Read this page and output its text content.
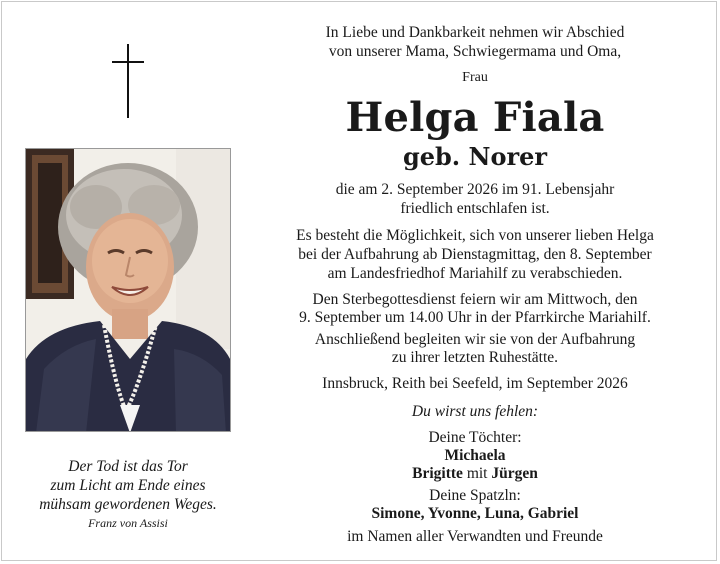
Der Tod ist das Tor
zum Licht am Ende eines
mühsam gewordenen Weges.
Franz von Assisi
In Liebe und Dankbarkeit nehmen wir Abschied
von unserer Mama, Schwiegermama und Oma,
Frau
Helga Fiala
geb. Norer
die am 2. September 2026 im 91. Lebensjahr
friedlich entschlafen ist.
Es besteht die Möglichkeit, sich von unserer lieben Helga
bei der Aufbahrung ab Dienstagmittag, den 8. September
am Landesfriedhof Mariahilf zu verabschieden.
Den Sterbegottesdienst feiern wir am Mittwoch, den
9. September um 14.00 Uhr in der Pfarrkirche Mariahilf.
Anschließend begleiten wir sie von der Aufbahrung
zu ihrer letzten Ruhestätte.
Innsbruck, Reith bei Seefeld, im September 2026
Du wirst uns fehlen:
Deine Töchter:
Michaela
Brigitte mit Jürgen
Deine Spatzln:
Simone, Yvonne, Luna, Gabriel
im Namen aller Verwandten und Freunde
